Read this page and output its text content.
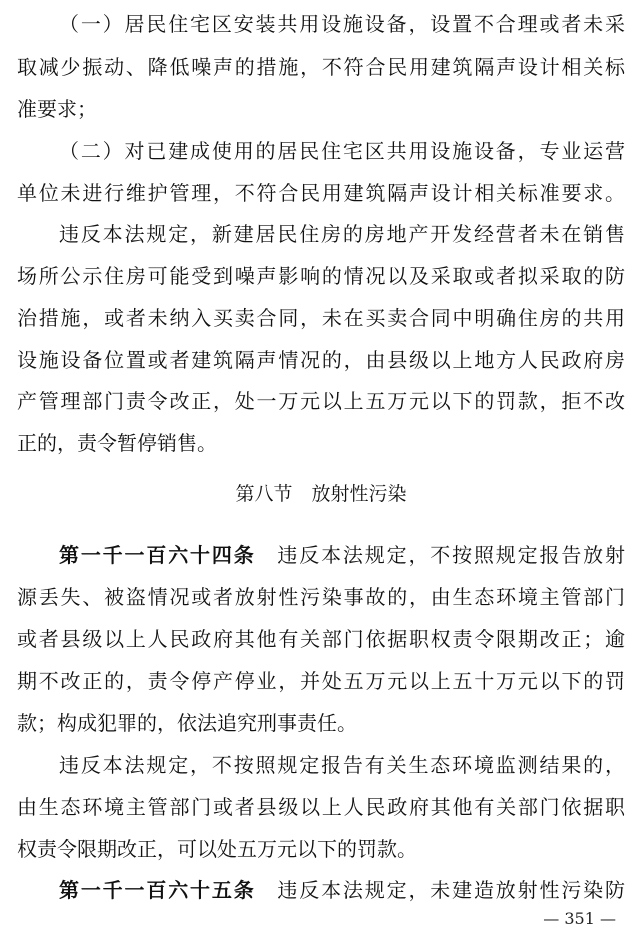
（一）居民住宅区安装共用设施设备，设置不合理或者未采
取减少振动、降低噪声的措施，不符合民用建筑隔声设计相关标
准要求；
（二）对已建成使用的居民住宅区共用设施设备，专业运营
单位未进行维护管理，不符合民用建筑隔声设计相关标准要求。
违反本法规定，新建居民住房的房地产开发经营者未在销售
场所公示住房可能受到噪声影响的情况以及采取或者拟采取的防
治措施，或者未纳入买卖合同，未在买卖合同中明确住房的共用
设施设备位置或者建筑隔声情况的，由县级以上地方人民政府房
产管理部门责令改正，处一万元以上五万元以下的罚款，拒不改
正的，责令暂停销售。
第八节　放射性污染
第一千一百六十四条　 违反本法规定，不按照规定报告放射
源丢失、被盗情况或者放射性污染事故的，由生态环境主管部门
或者县级以上人民政府其他有关部门依据职权责令限期改正；逾
期不改正的，责令停产停业，并处五万元以上五十万元以下的罚
款；构成犯罪的，依法追究刑事责任。
违反本法规定，不按照规定报告有关生态环境监测结果的，
由生态环境主管部门或者县级以上人民政府其他有关部门依据职
权责令限期改正，可以处五万元以下的罚款。
第一千一百六十五条　 违反本法规定，未建造放射性污染防
— 351 —
